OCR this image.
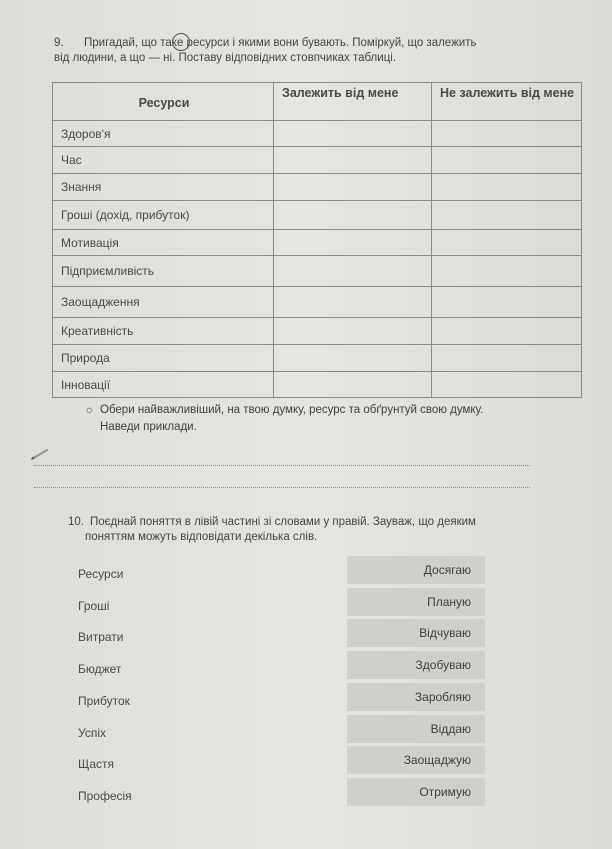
9. Пригадай, що таке ресурси і якими вони бувають. Поміркуй, що залежить
від людини, а що — ні. Поставу відповідних стовпчиках таблиці.
Ресурси	Залежить від мене	Не залежить від мене
Здоров'я		
Час		
Знання		
Гроші (дохід, прибуток)		
Мотивація		
Підприємливість		
Заощадження		
Креативність		
Природа		
Інновації		
☼ Обери найважливіший, на твою думку, ресурс та обґрунтуй свою думку.
Наведи приклади.
10. Поєднай поняття в лівій частині зі словами у правій. Зауваж, що деяким
поняттям можуть відповідати декілька слів.
Ресурси
Гроші
Витрати
Бюджет
Прибуток
Успіх
Щастя
Професія
Досягаю
Планую
Відчуваю
Здобуваю
Заробляю
Віддаю
Заощаджую
Отримую
